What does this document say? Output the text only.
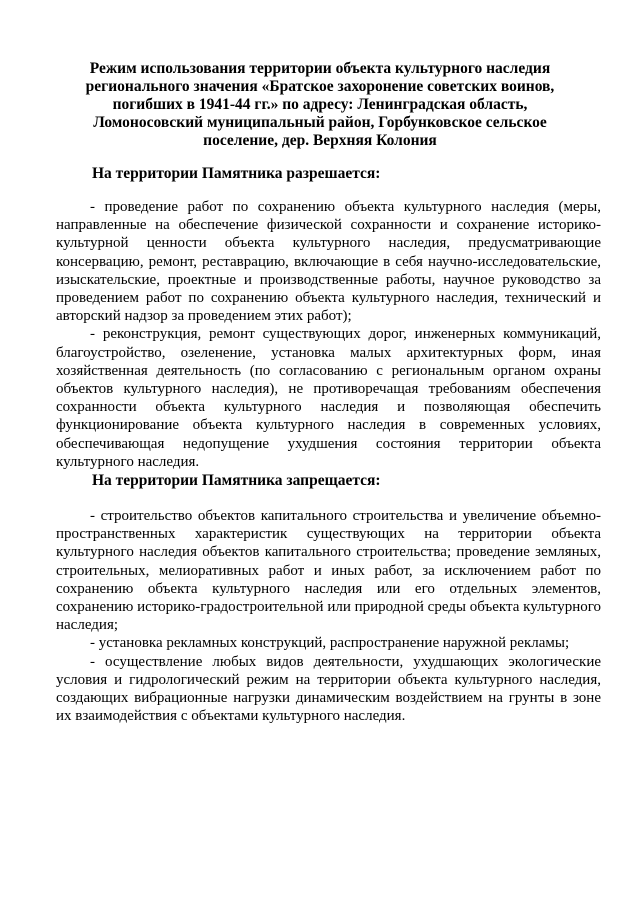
Режим использования территории объекта культурного наследия регионального значения «Братское захоронение советских воинов, погибших в 1941-44 гг.» по адресу: Ленинградская область, Ломоносовский муниципальный район, Горбунковское сельское поселение, дер. Верхняя Колония
На территории Памятника разрешается:

- проведение работ по сохранению объекта культурного наследия (меры, направленные на обеспечение физической сохранности и сохранение историко-культурной ценности объекта культурного наследия, предусматривающие консервацию, ремонт, реставрацию, включающие в себя научно-исследовательские, изыскательские, проектные и производственные работы, научное руководство за проведением работ по сохранению объекта культурного наследия, технический и авторский надзор за проведением этих работ);

- реконструкция, ремонт существующих дорог, инженерных коммуникаций, благоустройство, озеленение, установка малых архитектурных форм, иная хозяйственная деятельность (по согласованию с региональным органом охраны объектов культурного наследия), не противоречащая требованиям обеспечения сохранности объекта культурного наследия и позволяющая обеспечить функционирование объекта культурного наследия в современных условиях, обеспечивающая недопущение ухудшения состояния территории объекта культурного наследия.

На территории Памятника запрещается:

- строительство объектов капитального строительства и увеличение объемно-пространственных характеристик существующих на территории объекта культурного наследия объектов капитального строительства; проведение земляных, строительных, мелиоративных работ и иных работ, за исключением работ по сохранению объекта культурного наследия или его отдельных элементов, сохранению историко-градостроительной или природной среды объекта культурного наследия;

- установка рекламных конструкций, распространение наружной рекламы;

- осуществление любых видов деятельности, ухудшающих экологические условия и гидрологический режим на территории объекта культурного наследия, создающих вибрационные нагрузки динамическим воздействием на грунты в зоне их взаимодействия с объектами культурного наследия.
